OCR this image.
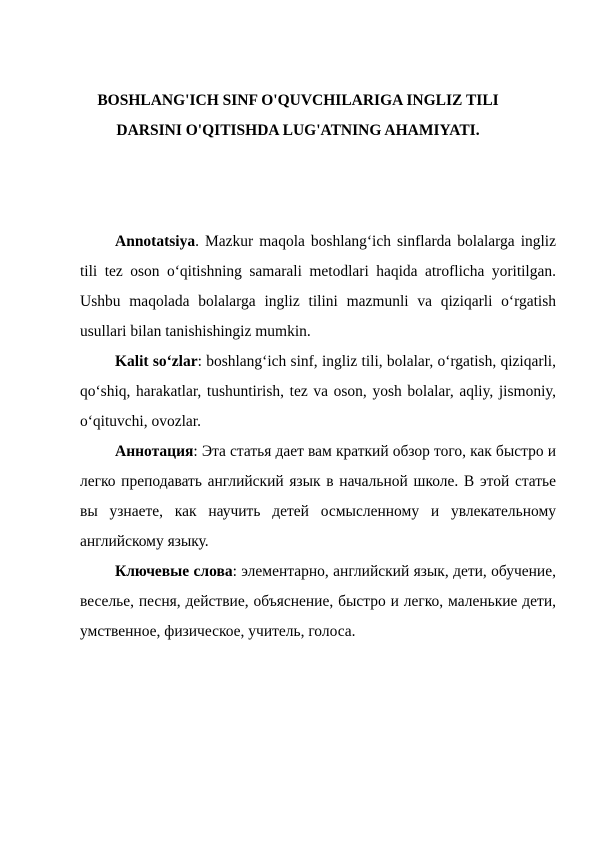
BOSHLANG'ICH SINF O'QUVCHILARIGA INGLIZ TILI
DARSINI O'QITISHDA LUG'ATNING AHAMIYATI.

Annotatsiya. Mazkur maqola boshlang‘ich sinflarda bolalarga ingliz tili tez oson o‘qitishning samarali metodlari haqida atroflicha yoritilgan. Ushbu maqolada bolalarga ingliz tilini mazmunli va qiziqarli o‘rgatish usullari bilan tanishishingiz mumkin.

Kalit so‘zlar: boshlang‘ich sinf, ingliz tili, bolalar, o‘rgatish, qiziqarli, qo‘shiq, harakatlar, tushuntirish, tez va oson, yosh bolalar, aqliy, jismoniy, o‘qituvchi, ovozlar.

Аннотация: Эта статья дает вам краткий обзор того, как быстро и легко преподавать английский язык в начальной школе. В этой статье вы узнаете, как научить детей осмысленному и увлекательному английскому языку.

Ключевые слова: элементарно, английский язык, дети, обучение, веселье, песня, действие, объяснение, быстро и легко, маленькие дети, умственное, физическое, учитель, голоса.
